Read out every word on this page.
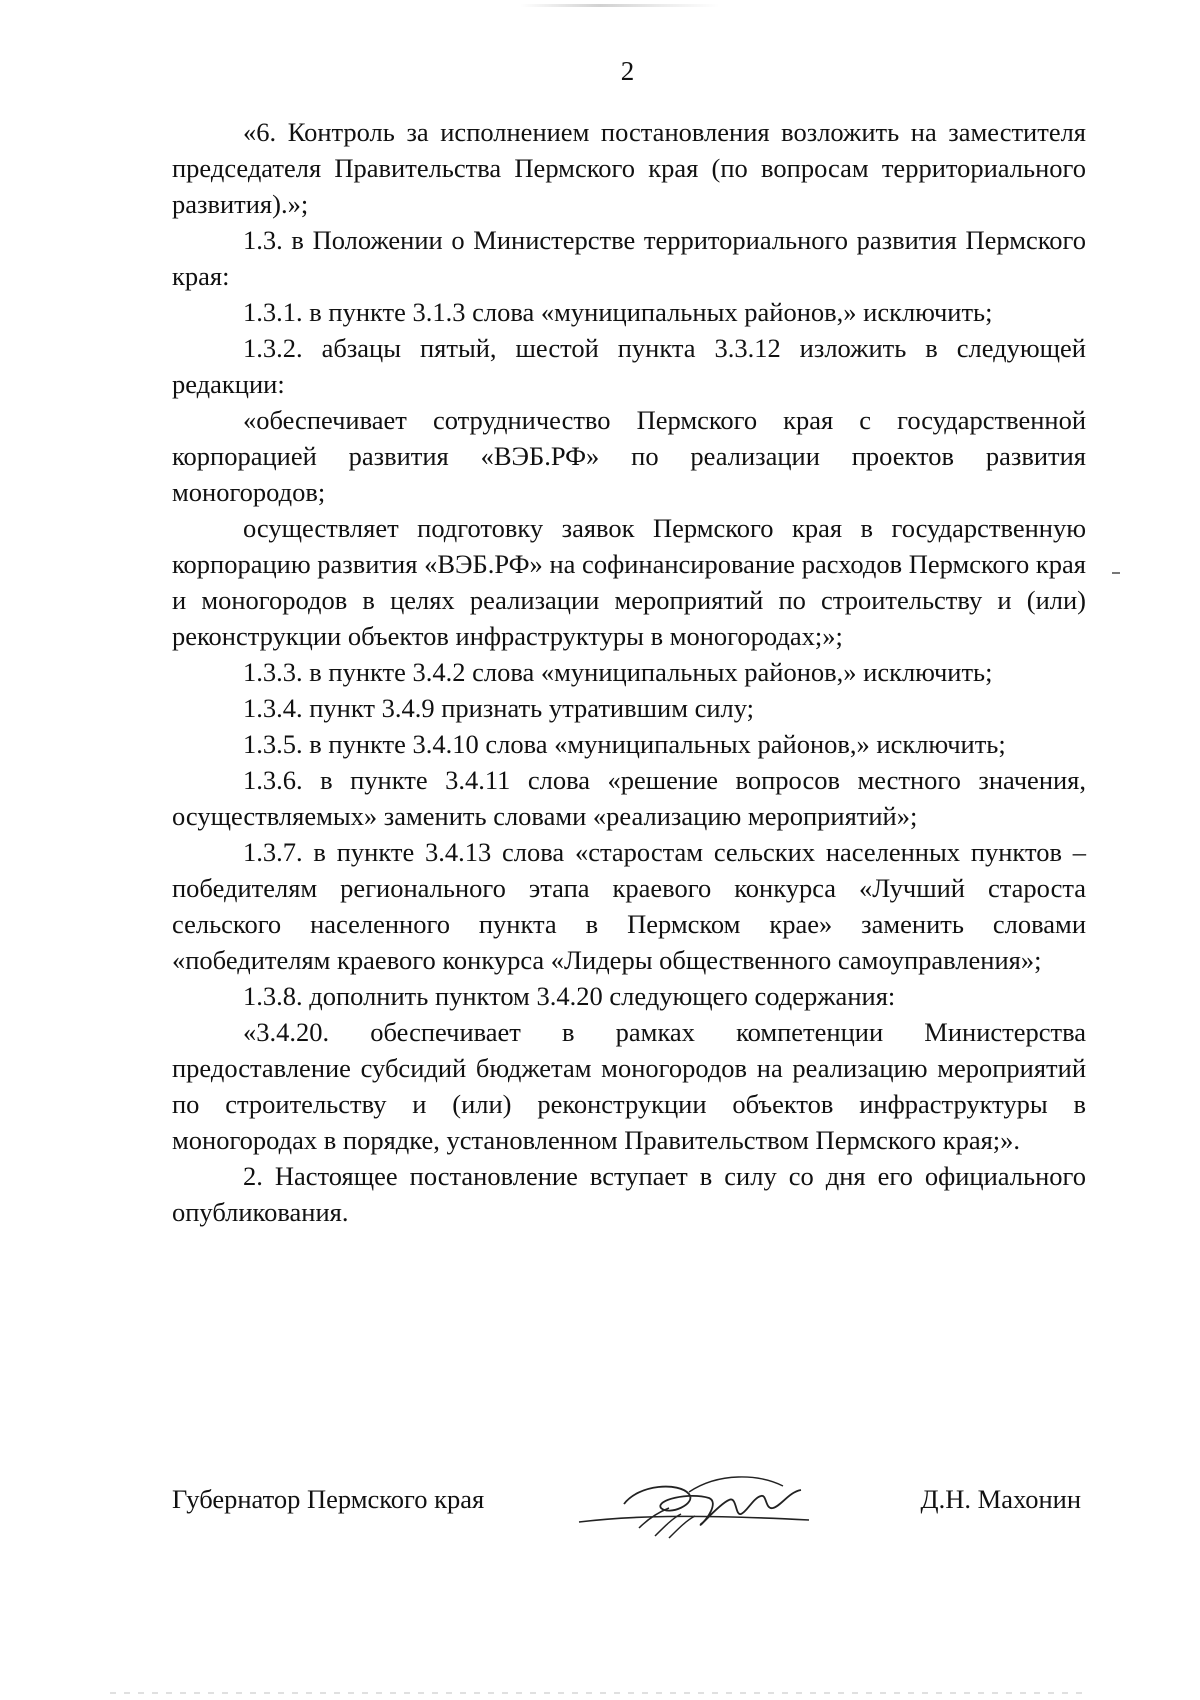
2

«6. Контроль за исполнением постановления возложить на заместителя председателя Правительства Пермского края (по вопросам территориального развития).»;

1.3. в Положении о Министерстве территориального развития Пермского края:

1.3.1. в пункте 3.1.3 слова «муниципальных районов,» исключить;

1.3.2. абзацы пятый, шестой пункта 3.3.12 изложить в следующей редакции:

«обеспечивает сотрудничество Пермского края с государственной корпорацией развития «ВЭБ.РФ» по реализации проектов развития моногородов;

осуществляет подготовку заявок Пермского края в государственную корпорацию развития «ВЭБ.РФ» на софинансирование расходов Пермского края и моногородов в целях реализации мероприятий по строительству и (или) реконструкции объектов инфраструктуры в моногородах;»;

1.3.3. в пункте 3.4.2 слова «муниципальных районов,» исключить;

1.3.4. пункт 3.4.9 признать утратившим силу;

1.3.5. в пункте 3.4.10 слова «муниципальных районов,» исключить;

1.3.6. в пункте 3.4.11 слова «решение вопросов местного значения, осуществляемых» заменить словами «реализацию мероприятий»;

1.3.7. в пункте 3.4.13 слова «старостам сельских населенных пунктов – победителям регионального этапа краевого конкурса «Лучший староста сельского населенного пункта в Пермском крае» заменить словами «победителям краевого конкурса «Лидеры общественного самоуправления»;

1.3.8. дополнить пунктом 3.4.20 следующего содержания:

«3.4.20. обеспечивает в рамках компетенции Министерства предоставление субсидий бюджетам моногородов на реализацию мероприятий по строительству и (или) реконструкции объектов инфраструктуры в моногородах в порядке, установленном Правительством Пермского края;».

2. Настоящее постановление вступает в силу со дня его официального опубликования.

Губернатор Пермского края	Д.Н. Махонин
